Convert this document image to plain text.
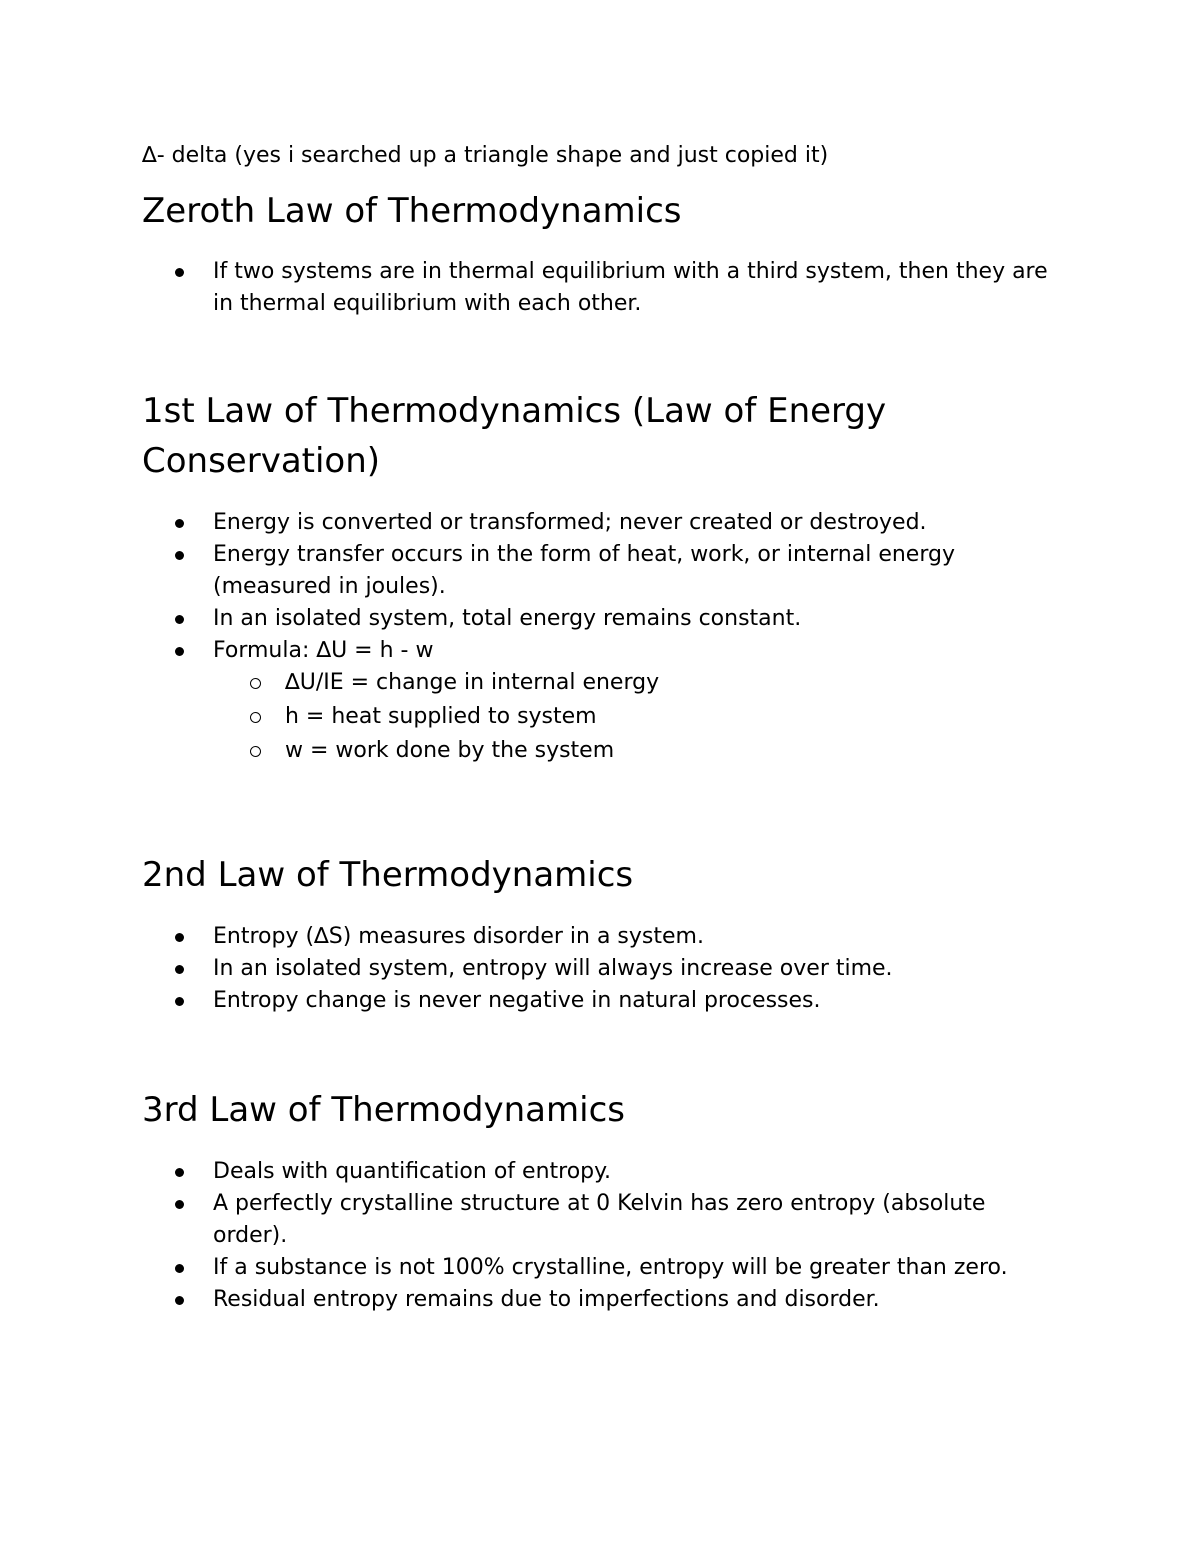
∆- delta (yes i searched up a triangle shape and just copied it)
Zeroth Law of Thermodynamics
If two systems are in thermal equilibrium with a third system, then they are in thermal equilibrium with each other.
1st Law of Thermodynamics (Law of Energy
Conservation)
Energy is converted or transformed; never created or destroyed.
Energy transfer occurs in the form of heat, work, or internal energy (measured in joules).
In an isolated system, total energy remains constant.
Formula: ∆U = h - w
∆U/IE = change in internal energy
h = heat supplied to system
w = work done by the system
2nd Law of Thermodynamics
Entropy (∆S) measures disorder in a system.
In an isolated system, entropy will always increase over time.
Entropy change is never negative in natural processes.
3rd Law of Thermodynamics
Deals with quantification of entropy.
A perfectly crystalline structure at 0 Kelvin has zero entropy (absolute order).
If a substance is not 100% crystalline, entropy will be greater than zero.
Residual entropy remains due to imperfections and disorder.
